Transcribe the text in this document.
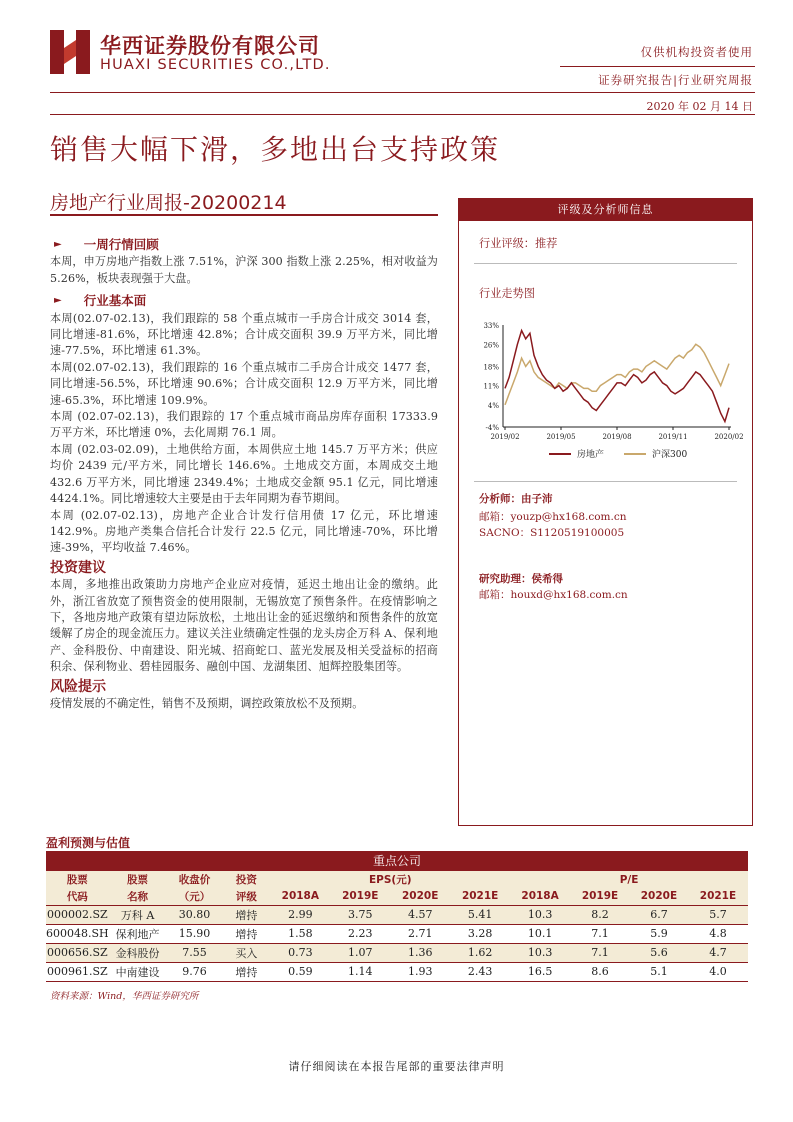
华西证券股份有限公司
HUAXI SECURITIES CO.,LTD.
仅供机构投资者使用
证券研究报告|行业研究周报
2020 年 02 月 14 日
销售大幅下滑，多地出台支持政策
房地产行业周报-20200214
► 一周行情回顾
本周，申万房地产指数上涨 7.51%，沪深 300 指数上涨 2.25%，相对收益为 5.26%，板块表现强于大盘。
► 行业基本面
本周(02.07-02.13)，我们跟踪的 58 个重点城市一手房合计成交 3014 套，同比增速-81.6%，环比增速 42.8%；合计成交面积 39.9 万平方米，同比增速-77.5%，环比增速 61.3%。
本周(02.07-02.13)，我们跟踪的 16 个重点城市二手房合计成交 1477 套，同比增速-56.5%，环比增速 90.6%；合计成交面积 12.9 万平方米，同比增速-65.3%，环比增速 109.9%。
本周 (02.07-02.13)，我们跟踪的 17 个重点城市商品房库存面积 17333.9 万平方米，环比增速 0%，去化周期 76.1 周。
本周 (02.03-02.09)，土地供给方面，本周供应土地 145.7 万平方米；供应均价 2439 元/平方米，同比增长 146.6%。土地成交方面，本周成交土地 432.6 万平方米，同比增速 2349.4%；土地成交金额 95.1 亿元，同比增速 4424.1%。同比增速较大主要是由于去年同期为春节期间。
本周 (02.07-02.13)，房地产企业合计发行信用债 17 亿元，环比增速 142.9%。房地产类集合信托合计发行 22.5 亿元，同比增速-70%，环比增速-39%，平均收益 7.46%。
投资建议
本周，多地推出政策助力房地产企业应对疫情，延迟土地出让金的缴纳。此外，浙江省放宽了预售资金的使用限制，无锡放宽了预售条件。在疫情影响之下，各地房地产政策有望边际放松，土地出让金的延迟缴纳和预售条件的放宽缓解了房企的现金流压力。建议关注业绩确定性强的龙头房企万科 A、保利地产、金科股份、中南建设、阳光城、招商蛇口、蓝光发展及相关受益标的招商积余、保利物业、碧桂园服务、融创中国、龙湖集团、旭辉控股集团等。
风险提示
疫情发展的不确定性，销售不及预期，调控政策放松不及预期。
评级及分析师信息
行业评级：推荐
行业走势图
33%
26%
18%
11%
4%
-4%
2019/02	2019/05	2019/08	2019/11	2020/02
房地产	沪深300
分析师：由子沛
邮箱：youzp@hx168.com.cn
SACNO：S1120519100005
研究助理：侯希得
邮箱：houxd@hx168.com.cn
盈利预测与估值
重点公司
股票	股票	收盘价	投资	EPS(元)				P/E			
代码	名称	（元）	评级	2018A	2019E	2020E	2021E	2018A	2019E	2020E	2021E
000002.SZ	万科 A	30.80	增持	2.99	3.75	4.57	5.41	10.3	8.2	6.7	5.7
600048.SH	保利地产	15.90	增持	1.58	2.23	2.71	3.28	10.1	7.1	5.9	4.8
000656.SZ	金科股份	7.55	买入	0.73	1.07	1.36	1.62	10.3	7.1	5.6	4.7
000961.SZ	中南建设	9.76	增持	0.59	1.14	1.93	2.43	16.5	8.6	5.1	4.0
资料来源：Wind，华西证券研究所
请仔细阅读在本报告尾部的重要法律声明
